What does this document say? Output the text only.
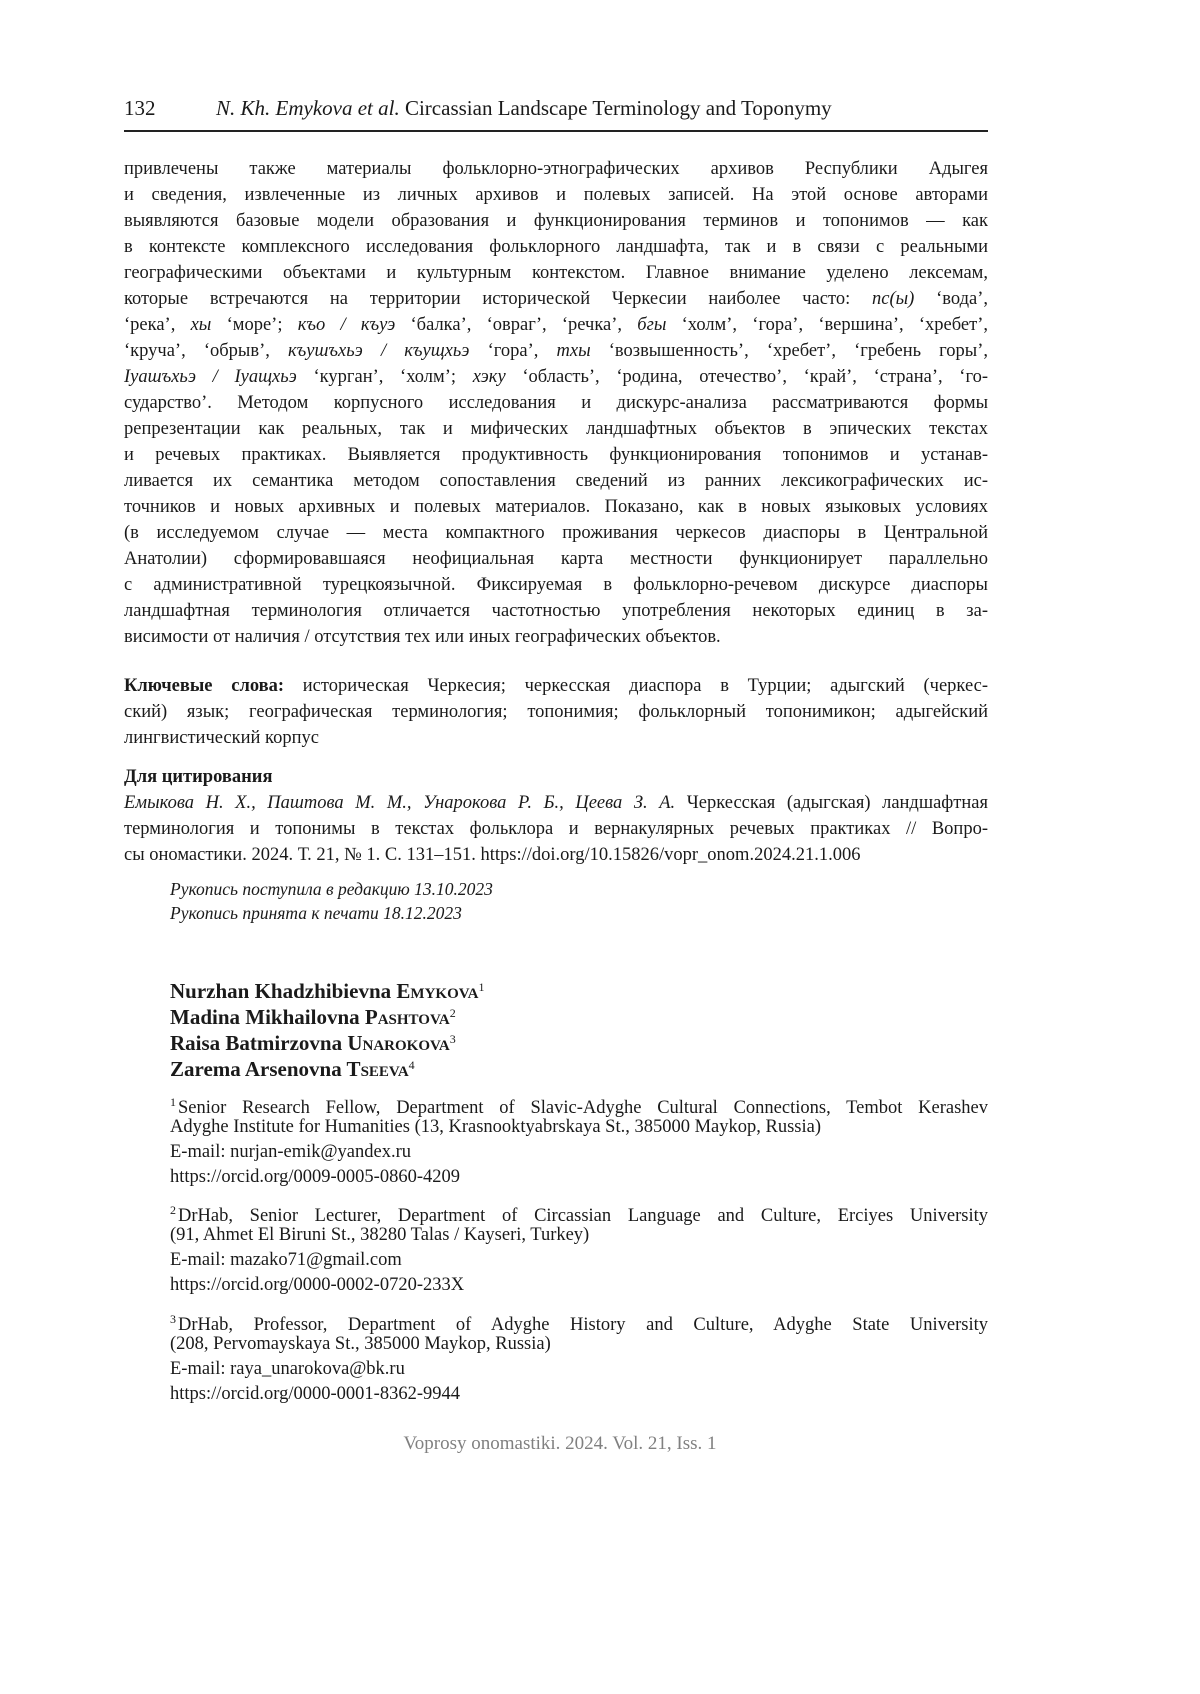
132	N. Kh. Emykova et al. Circassian Landscape Terminology and Toponymy
привлечены также материалы фольклорно-этнографических архивов Республики Адыгея
и сведения, извлеченные из личных архивов и полевых записей. На этой основе авторами
выявляются базовые модели образования и функционирования терминов и топонимов — как
в контексте комплексного исследования фольклорного ландшафта, так и в связи с реальными
географическими объектами и культурным контекстом. Главное внимание уделено лексемам,
которые встречаются на территории исторической Черкесии наиболее часто: пс(ы) ‘вода’,
‘река’, хы ‘море’; къо / къуэ ‘балка’, ‘овраг’, ‘речка’, бгы ‘холм’, ‘гора’, ‘вершина’, ‘хребет’,
‘круча’, ‘обрыв’, къушъхьэ / къущхьэ ‘гора’, тхы ‘возвышенность’, ‘хребет’, ‘гребень горы’,
Iуашъхьэ / Iуащхьэ ‘курган’, ‘холм’; хэку ‘область’, ‘родина, отечество’, ‘край’, ‘страна’, ‘го-
сударство’. Методом корпусного исследования и дискурс-анализа рассматриваются формы
репрезентации как реальных, так и мифических ландшафтных объектов в эпических текстах
и речевых практиках. Выявляется продуктивность функционирования топонимов и устанав-
ливается их семантика методом сопоставления сведений из ранних лексикографических ис-
точников и новых архивных и полевых материалов. Показано, как в новых языковых условиях
(в исследуемом случае — места компактного проживания черкесов диаспоры в Центральной
Анатолии) сформировавшаяся неофициальная карта местности функционирует параллельно
с административной турецкоязычной. Фиксируемая в фольклорно-речевом дискурсе диаспоры
ландшафтная терминология отличается частотностью употребления некоторых единиц в за-
висимости от наличия / отсутствия тех или иных географических объектов.
Ключевые слова: историческая Черкесия; черкесская диаспора в Турции; адыгский (черкес-
ский) язык; географическая терминология; топонимия; фольклорный топонимикон; адыгейский
лингвистический корпус
Для цитирования
Емыкова Н. Х., Паштова М. М., Унарокова Р. Б., Цеева З. А. Черкесская (адыгская) ландшафтная
терминология и топонимы в текстах фольклора и вернакулярных речевых практиках // Вопро-
сы ономастики. 2024. Т. 21, № 1. С. 131–151. https://doi.org/10.15826/vopr_onom.2024.21.1.006
Рукопись поступила в редакцию 13.10.2023
Рукопись принята к печати 18.12.2023
Nurzhan Khadzhibievna Emykova1
Madina Mikhailovna Pashtova2
Raisa Batmirzovna Unarokova3
Zarema Arsenovna Tseeva4
1 Senior Research Fellow, Department of Slavic-Adyghe Cultural Connections, Tembot Kerashev
Adyghe Institute for Humanities (13, Krasnooktyabrskaya St., 385000 Maykop, Russia)
E-mail: nurjan-emik@yandex.ru
https://orcid.org/0009-0005-0860-4209
2 DrHab, Senior Lecturer, Department of Circassian Language and Culture, Erciyes University
(91, Ahmet El Biruni St., 38280 Talas / Kayseri, Turkey)
E-mail: mazako71@gmail.com
https://orcid.org/0000-0002-0720-233X
3 DrHab, Professor, Department of Adyghe History and Culture, Adyghe State University
(208, Pervomayskaya St., 385000 Maykop, Russia)
E-mail: raya_unarokova@bk.ru
https://orcid.org/0000-0001-8362-9944
Voprosy onomastiki. 2024. Vol. 21, Iss. 1
